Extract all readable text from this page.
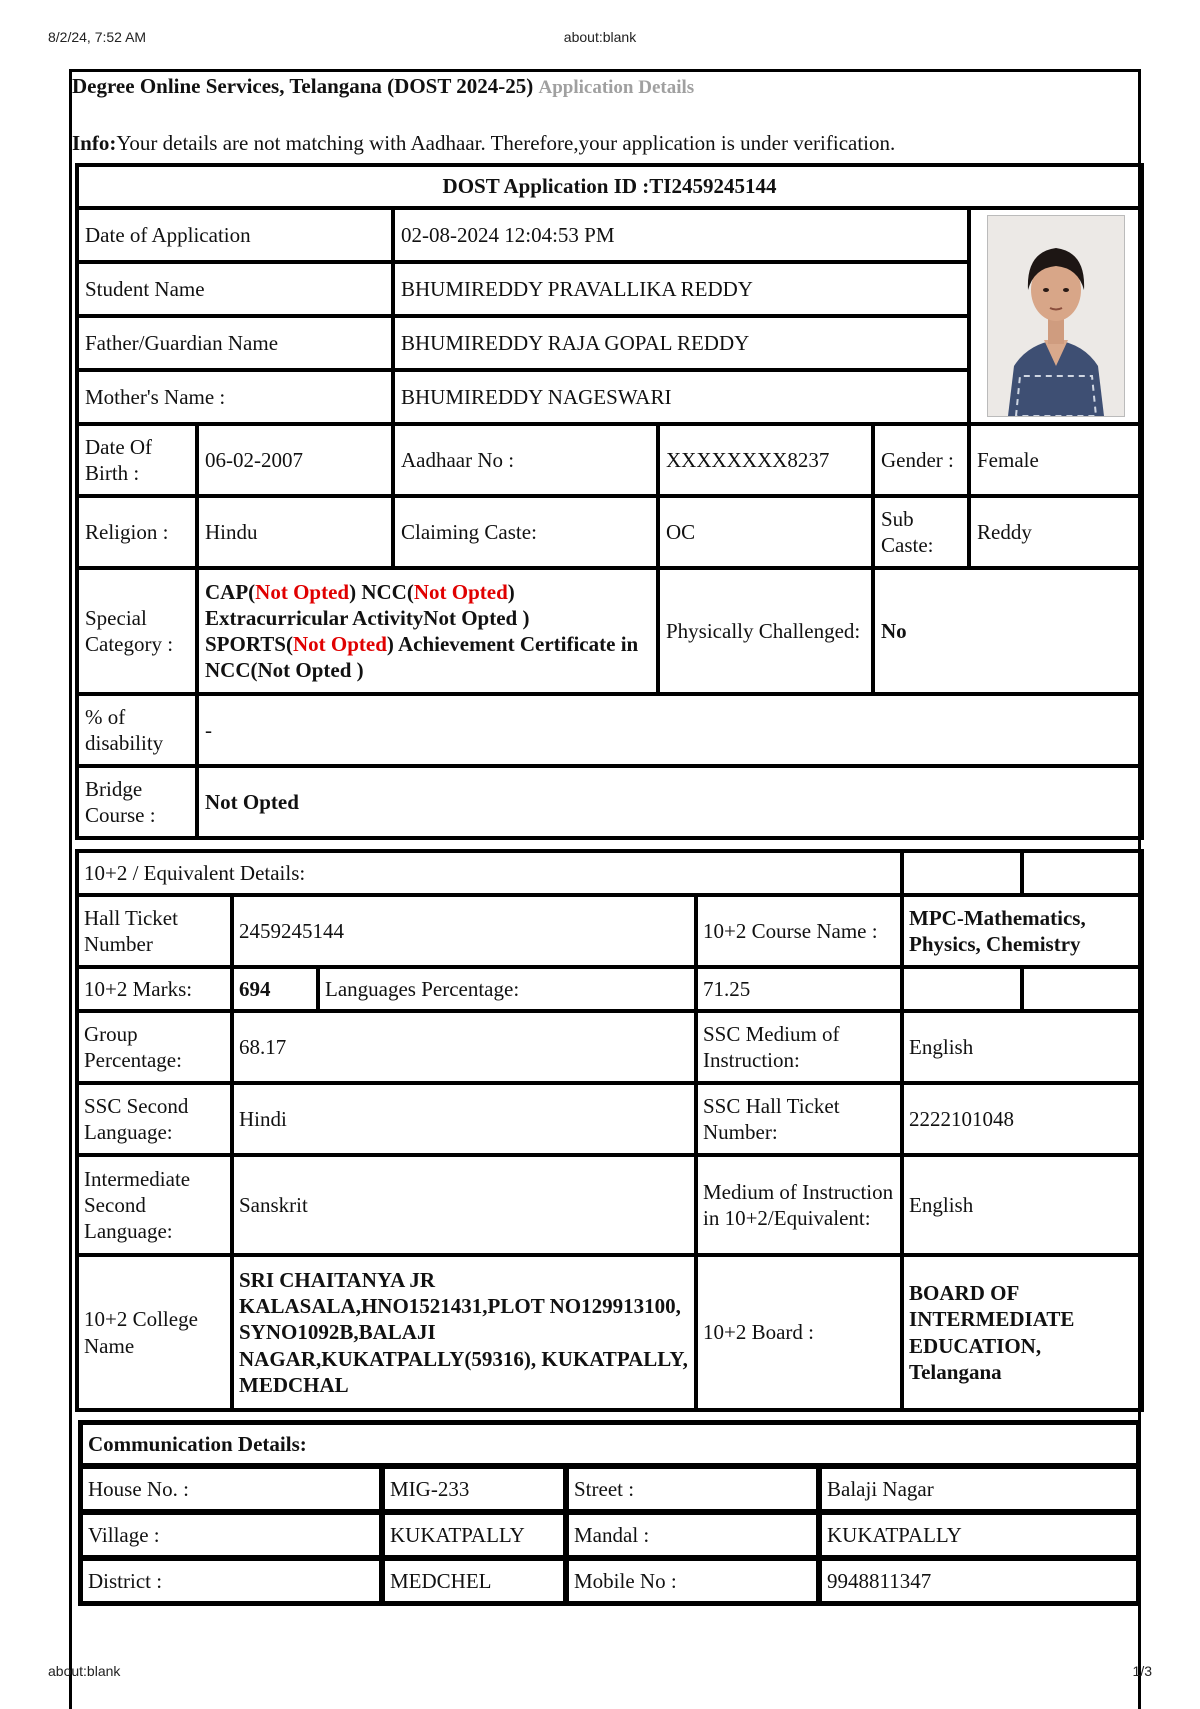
8/2/24, 7:52 AM	about:blank
Degree Online Services, Telangana (DOST 2024-25) Application Details
Info:Your details are not matching with Aadhaar. Therefore,your application is under verification.
DOST Application ID :TI2459245144					
Date of Application		02-08-2024 12:04:53 PM	

Student Name		BHUMIREDDY PRAVALLIKA REDDY			
Father/Guardian Name		BHUMIREDDY RAJA GOPAL REDDY			
Mother's Name :		BHUMIREDDY NAGESWARI			
Date Of Birth :	06-02-2007	Aadhaar No :	XXXXXXXX8237	Gender :	Female
Religion :	Hindu	Claiming Caste:	OC	Sub Caste:	Reddy
Special Category :	CAP(Not Opted) NCC(Not Opted) Extracurricular ActivityNot Opted ) SPORTS(Not Opted) Achievement Certificate in NCC(Not Opted )		Physically Challenged:	No	
% of disability	-				
Bridge Course :	Not Opted				
10+2 / Equivalent Details:					
Hall Ticket Number	2459245144		10+2 Course Name :	MPC-Mathematics, Physics, Chemistry	
10+2 Marks:	694	Languages Percentage:	71.25		
Group Percentage:	68.17		SSC Medium of Instruction:	English	
SSC Second Language:	Hindi		SSC Hall Ticket Number:	2222101048	
Intermediate Second Language:	Sanskrit		Medium of Instruction in 10+2/Equivalent:	English	
10+2 College Name	SRI CHAITANYA JR KALASALA,HNO1521431,PLOT NO129913100, SYNO1092B,BALAJI NAGAR,KUKATPALLY(59316), KUKATPALLY, MEDCHAL		10+2 Board :	BOARD OF INTERMEDIATE EDUCATION, Telangana	
Communication Details:			
House No. :	MIG-233	Street :	Balaji Nagar
Village :	KUKATPALLY	Mandal :	KUKATPALLY
District :	MEDCHEL	Mobile No :	9948811347
about:blank	1/3
